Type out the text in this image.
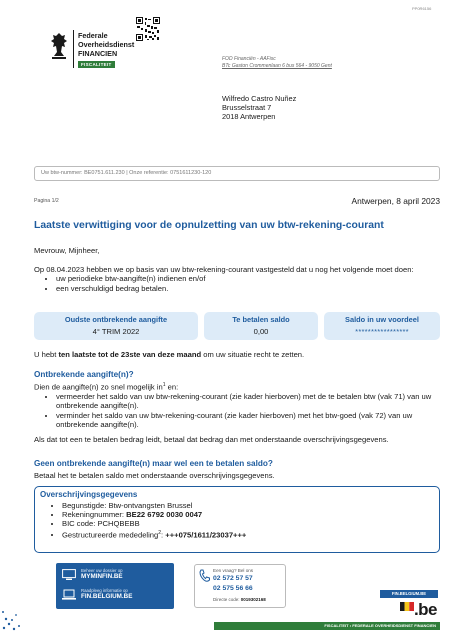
PP0R6156
Federale
Overheidsdienst
FINANCIEN
FISCALITEIT
FOD Financiën - AAFisc
BTc Gaston Crommenlaan 6 bus 564 - 9050 Gent
Wilfredo Castro Nuñez
Brusselstraat 7
2018 Antwerpen
Uw btw-nummer: BE0751.611.230 | Onze referentie: 0751611230-120
Pagina 1/2	Antwerpen, 8 april 2023
Laatste verwittiging voor de opnulzetting van uw btw-rekening-courant
Mevrouw, Mijnheer,
Op 08.04.2023 hebben we op basis van uw btw-rekening-courant vastgesteld dat u nog het volgende moet doen:
• uw periodieke btw-aangifte(n) indienen en/of
• een verschuldigd bedrag betalen.
Oudste ontbrekende aangifte
4° TRIM 2022
Te betalen saldo
0,00
Saldo in uw voordeel
*****************
U hebt ten laatste tot de 23ste van deze maand om uw situatie recht te zetten.
Ontbrekende aangifte(n)?
Dien de aangifte(n) zo snel mogelijk $in^1$ en:
• vermeerder het saldo van uw btw-rekening-courant (zie kader hierboven) met de te betalen btw (vak 71) van uw ontbrekende aangifte(n).
• verminder het saldo van uw btw-rekening-courant (zie kader hierboven) met het btw-goed (vak 72) van uw ontbrekende aangifte(n).
Als dat tot een te betalen bedrag leidt, betaal dat bedrag dan met onderstaande overschrijvingsgegevens.
Geen ontbrekende aangifte(n) maar wel een te betalen saldo?
Betaal het te betalen saldo met onderstaande overschrijvingsgegevens.
Overschrijvingsgegevens
• Begunstigde: Btw-ontvangsten Brussel
• Rekeningnummer: BE22 6792 0030 0047
• BIC code: PCHQBEBB
• Gestructureerde mededeling$^2$: +++075/1611/23037+++
Beheer uw dossier op
MYMINFIN.BE
Raadpleeg informatie op
FIN.BELGIUM.BE
Een vraag? Bel ons
02 572 57 57
02 575 56 66
Directe code: 0019302168
FIN.BELGIUM.BE
.be
FISCALITEIT • FEDERALE OVERHEIDSDIENST FINANCIEN
